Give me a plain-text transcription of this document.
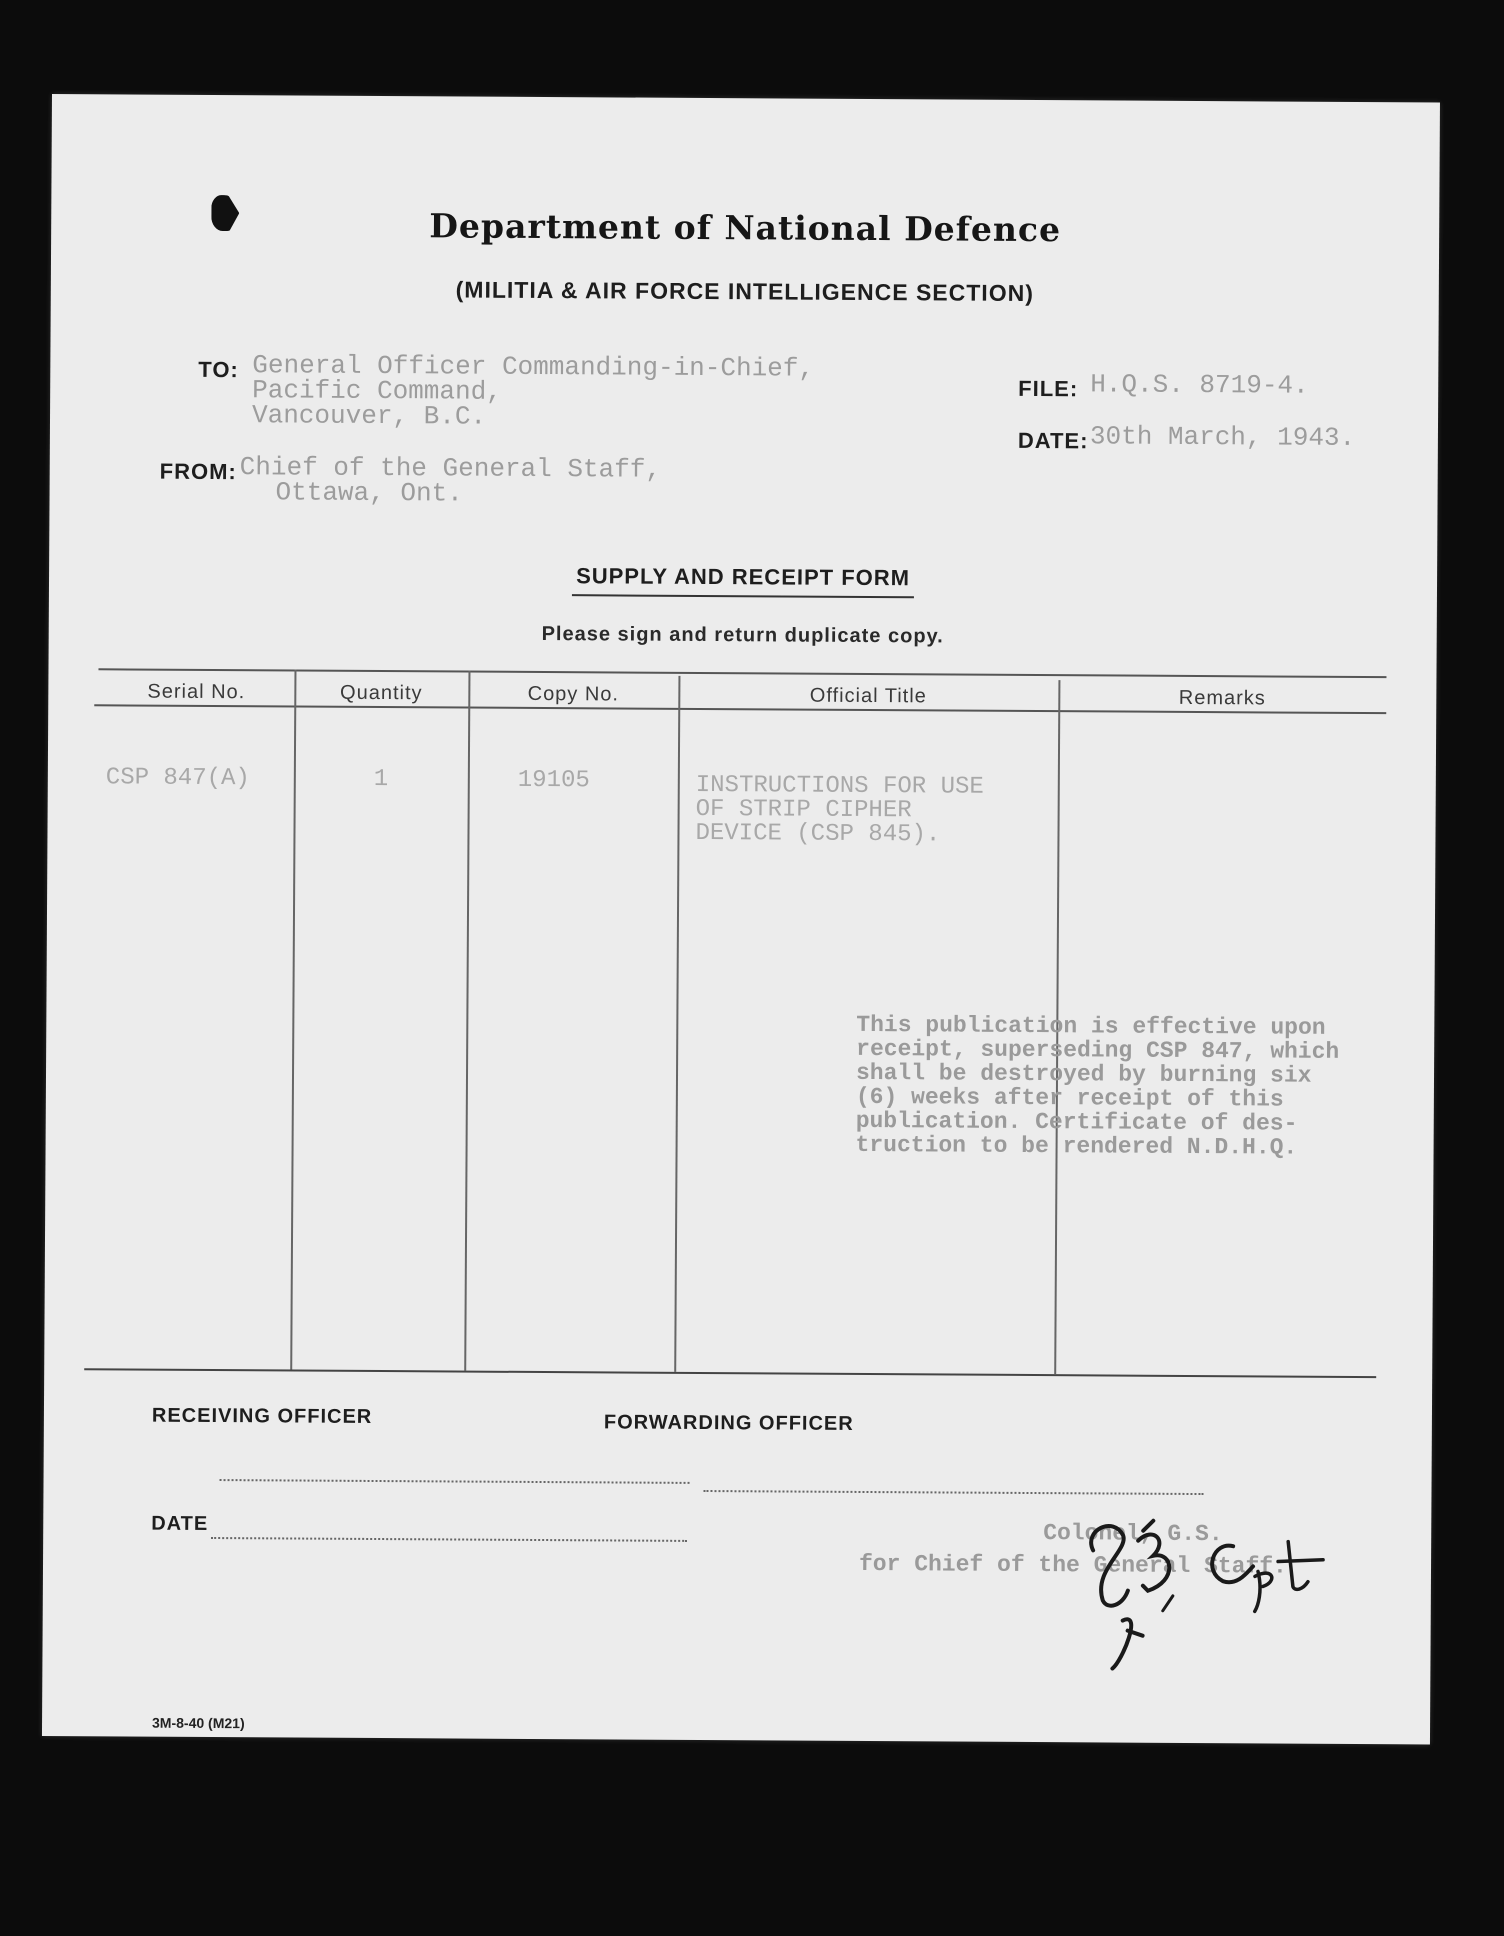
Department of National Defence
(MILITIA & AIR FORCE INTELLIGENCE SECTION)
TO: General Officer Commanding-in-Chief,
Pacific Command,
Vancouver, B.C.
FILE: H.Q.S. 8719-4.
DATE: 30th March, 1943.
FROM: Chief of the General Staff,
Ottawa, Ont.
SUPPLY AND RECEIPT FORM
Please sign and return duplicate copy.
Serial No.	Quantity	Copy No.	Official Title	Remarks
CSP 847(A)	1	19105	INSTRUCTIONS FOR USE
OF STRIP CIPHER
DEVICE (CSP 845).
This publication is effective upon
receipt, superseding CSP 847, which
shall be destroyed by burning six
(6) weeks after receipt of this
publication. Certificate of des-
truction to be rendered N.D.H.Q.
RECEIVING OFFICER	FORWARDING OFFICER
DATE	Colonel, G.S.
for Chief of the General Staff.
3M-8-40 (M21)
